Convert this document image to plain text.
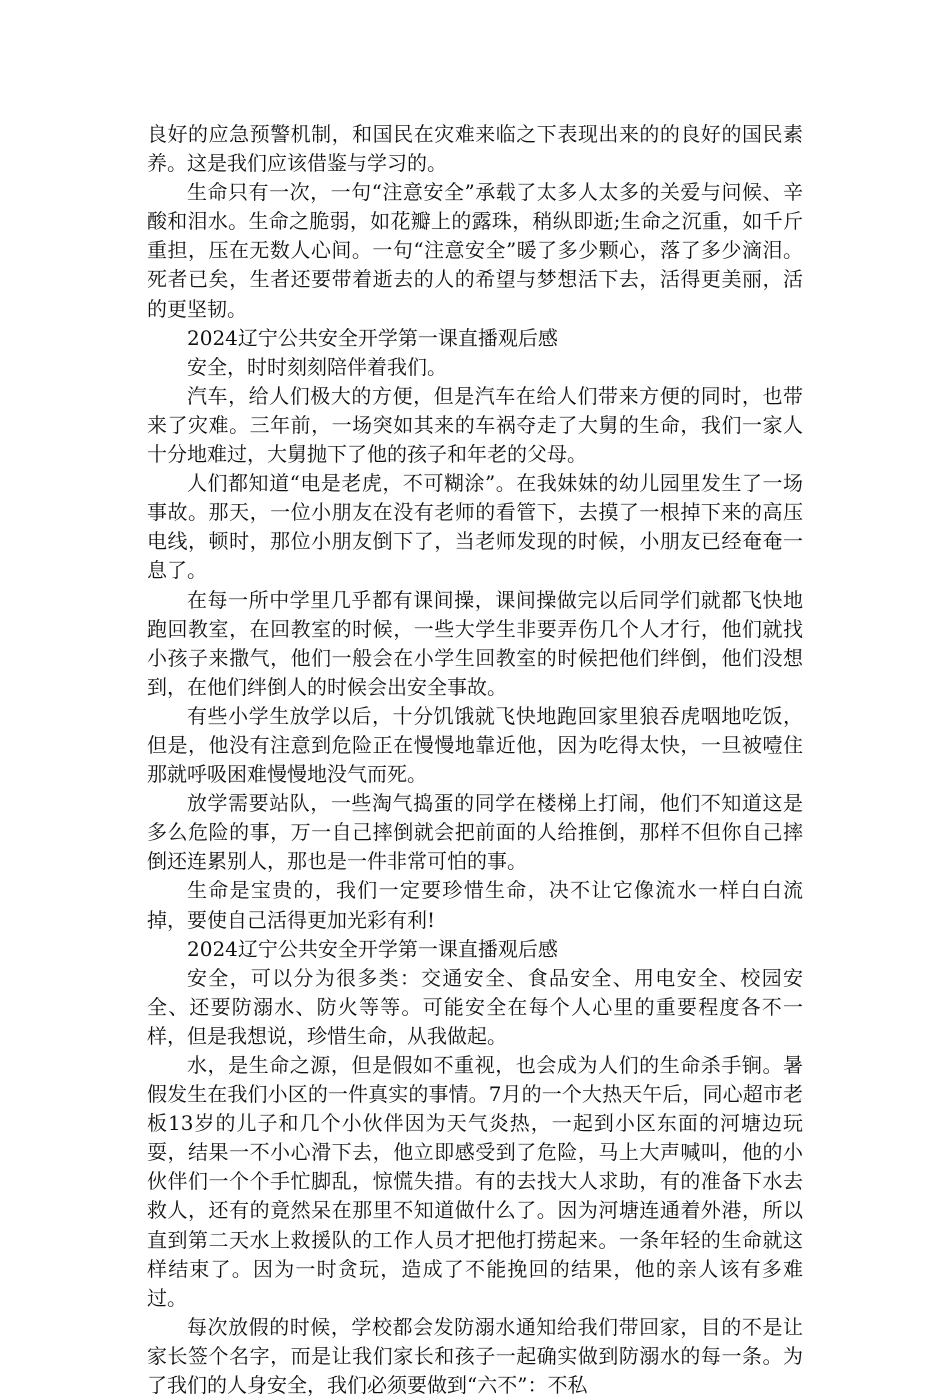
良好的应急预警机制，和国民在灾难来临之下表现出来的的良好的国民素养。这是我们应该借鉴与学习的。

生命只有一次，一句“注意安全”承载了太多人太多的关爱与问候、辛酸和泪水。生命之脆弱，如花瓣上的露珠，稍纵即逝;生命之沉重，如千斤重担，压在无数人心间。一句“注意安全”暖了多少颗心，落了多少滴泪。死者已矣，生者还要带着逝去的人的希望与梦想活下去，活得更美丽，活的更坚韧。

2024辽宁公共安全开学第一课直播观后感

安全，时时刻刻陪伴着我们。

汽车，给人们极大的方便，但是汽车在给人们带来方便的同时，也带来了灾难。三年前，一场突如其来的车祸夺走了大舅的生命，我们一家人十分地难过，大舅抛下了他的孩子和年老的父母。

人们都知道“电是老虎，不可糊涂”。在我妹妹的幼儿园里发生了一场事故。那天，一位小朋友在没有老师的看管下，去摸了一根掉下来的高压电线，顿时，那位小朋友倒下了，当老师发现的时候，小朋友已经奄奄一息了。

在每一所中学里几乎都有课间操，课间操做完以后同学们就都飞快地跑回教室，在回教室的时候，一些大学生非要弄伤几个人才行，他们就找小孩子来撒气，他们一般会在小学生回教室的时候把他们绊倒，他们没想到，在他们绊倒人的时候会出安全事故。

有些小学生放学以后，十分饥饿就飞快地跑回家里狼吞虎咽地吃饭，但是，他没有注意到危险正在慢慢地靠近他，因为吃得太快，一旦被噎住那就呼吸困难慢慢地没气而死。

放学需要站队，一些淘气捣蛋的同学在楼梯上打闹，他们不知道这是多么危险的事，万一自己摔倒就会把前面的人给推倒，那样不但你自己摔倒还连累别人，那也是一件非常可怕的事。

生命是宝贵的，我们一定要珍惜生命，决不让它像流水一样白白流掉，要使自己活得更加光彩有利!

2024辽宁公共安全开学第一课直播观后感

安全，可以分为很多类：交通安全、食品安全、用电安全、校园安全、还要防溺水、防火等等。可能安全在每个人心里的重要程度各不一样，但是我想说，珍惜生命，从我做起。

水，是生命之源，但是假如不重视，也会成为人们的生命杀手锏。暑假发生在我们小区的一件真实的事情。7月的一个大热天午后，同心超市老板13岁的儿子和几个小伙伴因为天气炎热，一起到小区东面的河塘边玩耍，结果一不小心滑下去，他立即感受到了危险，马上大声喊叫，他的小伙伴们一个个手忙脚乱，惊慌失措。有的去找大人求助，有的准备下水去救人，还有的竟然呆在那里不知道做什么了。因为河塘连通着外港，所以直到第二天水上救援队的工作人员才把他打捞起来。一条年轻的生命就这样结束了。因为一时贪玩，造成了不能挽回的结果，他的亲人该有多难过。

每次放假的时候，学校都会发防溺水通知给我们带回家，目的不是让家长签个名字，而是让我们家长和孩子一起确实做到防溺水的每一条。为了我们的人身安全，我们必须要做到“六不”：不私
